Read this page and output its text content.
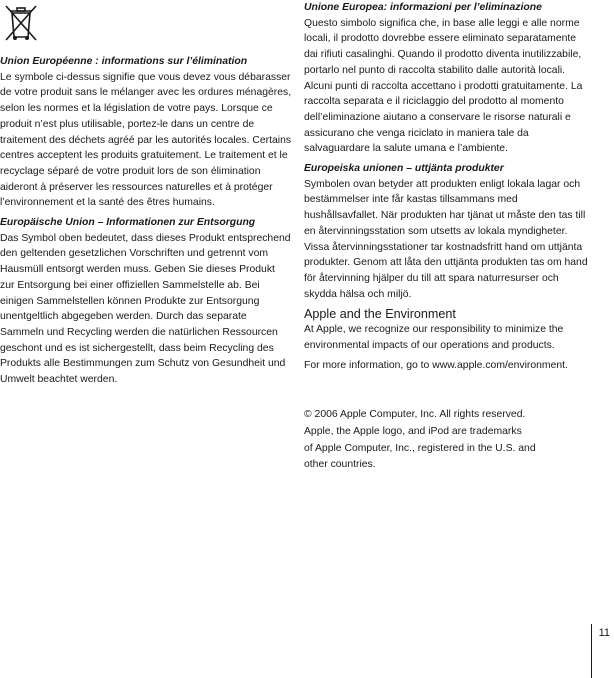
Union Européenne : informations sur l’élimination
Le symbole ci-dessus signifie que vous devez vous débarasser de votre produit sans le mélanger avec les ordures ménagères, selon les normes et la législation de votre pays. Lorsque ce produit n’est plus utilisable, portez-le dans un centre de traitement des déchets agréé par les autorités locales. Certains centres acceptent les produits gratuitement. Le traitement et le recyclage séparé de votre produit lors de son élimination aideront à préserver les ressources naturelles et à protéger l’environnement et la santé des êtres humains.
Europäische Union – Informationen zur Entsorgung
Das Symbol oben bedeutet, dass dieses Produkt entsprechend den geltenden gesetzlichen Vorschriften und getrennt vom Hausmüll entsorgt werden muss. Geben Sie dieses Produkt zur Entsorgung bei einer offiziellen Sammelstelle ab. Bei einigen Sammelstellen können Produkte zur Entsorgung unentgeltlich abgegeben werden. Durch das separate Sammeln und Recycling werden die natürlichen Ressourcen geschont und es ist sichergestellt, dass beim Recycling des Produkts alle Bestimmungen zum Schutz von Gesundheit und Umwelt beachtet werden.
Unione Europea: informazioni per l’eliminazione
Questo simbolo significa che, in base alle leggi e alle norme locali, il prodotto dovrebbe essere eliminato separatamente dai rifiuti casalinghi. Quando il prodotto diventa inutilizzabile, portarlo nel punto di raccolta stabilito dalle autorità locali. Alcuni punti di raccolta accettano i prodotti gratuitamente. La raccolta separata e il riciclaggio del prodotto al momento dell’eliminazione aiutano a conservare le risorse naturali e assicurano che venga riciclato in maniera tale da salvaguardare la salute umana e l’ambiente.
Europeiska unionen – uttjänta produkter
Symbolen ovan betyder att produkten enligt lokala lagar och bestämmelser inte får kastas tillsammans med hushållsavfallet. När produkten har tjänat ut måste den tas till en återvinningsstation som utsetts av lokala myndigheter. Vissa återvinningsstationer tar kostnadsfritt hand om uttjänta produkter. Genom att låta den uttjänta produkten tas om hand för återvinning hjälper du till att spara naturresurser och skydda hälsa och miljö.
Apple and the Environment
At Apple, we recognize our responsibility to minimize the environmental impacts of our operations and products.
For more information, go to www.apple.com/environment.
© 2006 Apple Computer, Inc. All rights reserved.
Apple, the Apple logo, and iPod are trademarks
of Apple Computer, Inc., registered in the U.S. and
other countries.
11
